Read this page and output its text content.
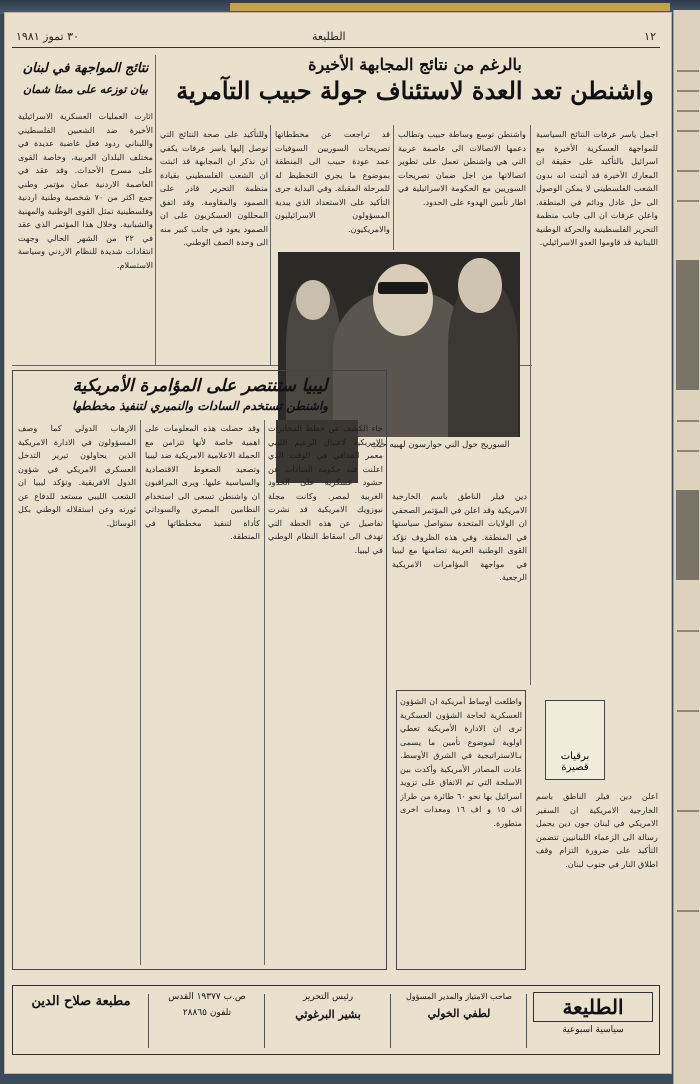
٣٠ تموز ١٩٨١	الطليعة	١٢
بالرغم من نتائج المجابهة الأخيرة
واشنطن تعد العدة لاستئناف جولة حبيب التآمرية
اجمل ياسر عرفات النتائج السياسية للمواجهة العسكرية الأخيرة مع اسرائيل بالتأكيد على حقيقة ان المعارك الأخيرة قد أثبتت انه بدون الشعب الفلسطيني لا يمكن الوصول الى حل عادل ودائم في المنطقة. واعلن عرفات ان الى جانب منظمة التحرير الفلسطينية والحركة الوطنية اللبنانية قد قاوموا العدو الاسرائيلي.
واشنطن توسع وساطة حبيب وتطالب دعمها الاتصالات الى عاصمة عربية التي هي واشنطن تعمل على تطوير اتصالاتها من اجل ضمان تصريحات السوريين مع الحكومة الاسرائيلية في اطار تأمين الهدوء على الحدود.
قد تراجعت عن مخططاتها تصريحات السوريين السوفيات عمد عودة حبيب الى المنطقة بموضوع ما يجري التخطيط له للمرحلة المقبلة. وفي البداية جرى التأكيد على الاستعداد الذي يبدية المسؤولون الاسرائيليون والامريكيون.
وللتأكيد على صحة النتائج التي توصل إليها ياسر عرفات يكفي ان نذكر ان المجابهة قد اثبتت ان الشعب الفلسطيني بقيادة منظمة التحرير قادر على الصمود والمقاومة. وقد اتفق المحللون العسكريون على ان الصمود يعود في جانب كبير منه الى وحدة الصف الوطني.
السوريح حول الني حوارسون لهبيه حبب
نتائج المواجهة في لبنان
بيان توزعه على ممثا شمان
اثارت العمليات العسكرية الاسرائيلية الأخيرة ضد الشعبين الفلسطيني واللبناني ردود فعل غاضبة عديدة في مختلف البلدان العربية، وخاصة القوى على مسرح الأحداث. وقد عقد في العاصمة الاردنية عمان مؤتمر وطني جمع اكثر من ٧٠ شخصية وطنية اردنية وفلسطينية تمثل القوى الوطنية والمهنية والشبابية. وخلال هذا المؤتمر الذي عقد في ٢٢ من الشهر الحالي وجهت انتقادات شديدة للنظام الاردني وسياسة الاستسلام.
ليبيا ستنتصر على المؤامرة الأمريكية
واشنطن تستخدم السادات والنميري لتنفيذ مخططها
جاء الكشف عن خطط المخابرات الامريكية لاغتيال الزعيم الليبي معمر القذافي في الوقت الذي اعلنت فيه حكومة السادات عن حشود عسكرية على الحدود الغربية لمصر. وكانت مجلة نيوزويك الامريكية قد نشرت تفاصيل عن هذه الخطة التي تهدف الى اسقاط النظام الوطني في ليبيا.
وقد حصلت هذه المعلومات على اهمية خاصة لأنها تتزامن مع الحملة الاعلامية الامريكية ضد ليبيا وتصعيد الضغوط الاقتصادية والسياسية عليها. ويرى المراقبون ان واشنطن تسعى الى استخدام النظامين المصري والسوداني كأداة لتنفيذ مخططاتها في المنطقة.
الارهاب الدولي كما وصف المسؤولون في الادارة الامريكية الذين يحاولون تبرير التدخل العسكري الامريكي في شؤون الدول الافريقية. وتؤكد ليبيا ان الشعب الليبي مستعد للدفاع عن ثورته وعن استقلاله الوطني بكل الوسائل.
دين فيلر الناطق باسم الخارجية الامريكية وقد اعلن في المؤتمر الصحفي ان الولايات المتحدة ستواصل سياستها في المنطقة. وفي هذه الظروف تؤكد القوى الوطنية العربية تضامنها مع ليبيا في مواجهة المؤامرات الامريكية الرجعية.
واطلعت أوساط أمريكية ان الشؤون العسكرية لحاجة الشؤون العسكرية ترى ان الادارة الأمريكية تعطي اولوية لموضوع تأمين ما يسمى بـالاستراتيجية في الشرق الأوسط. عادت المصادر الأمريكية وأكدت بين الاسلحة التي تم الاتفاق على تزويد اسرائيل بها نحو ٦٠ طائرة من طراز اف ١٥ و اف ١٦ ومعدات اخرى متطورة.
برقيات قصيرة
اعلن دين فيلر الناطق باسم الخارجية الامريكية ان السفير الامريكي في لبنان جون دين يحمل رسالة الى الزعماء اللبنانيين تتضمن التأكيد على ضرورة التزام وقف اطلاق النار في جنوب لبنان.
الطليعة
سياسية اسبوعية
صاحب الامتياز والمدير المسؤول
لطفي الخولي
رئيس التحرير
بشير البرغوثي
ص.ب ١٩٣٧٧ القدس
تلفون ٢٨٨٦٥
مطبعة صلاح الدين
